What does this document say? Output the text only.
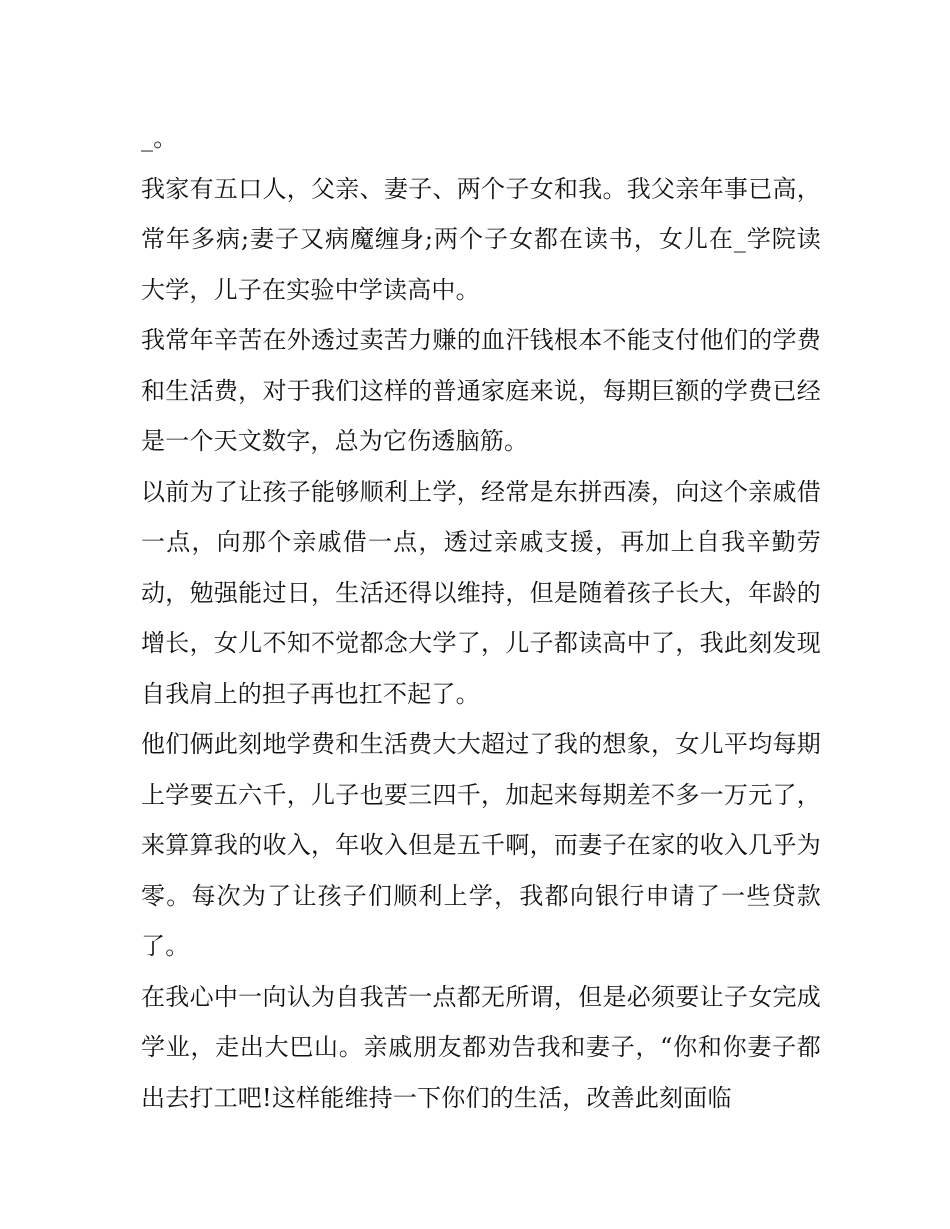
_。

我家有五口人，父亲、妻子、两个子女和我。我父亲年事已高，常年多病;妻子又病魔缠身;两个子女都在读书，女儿在_学院读大学，儿子在实验中学读高中。

我常年辛苦在外透过卖苦力赚的血汗钱根本不能支付他们的学费和生活费，对于我们这样的普通家庭来说，每期巨额的学费已经是一个天文数字，总为它伤透脑筋。

以前为了让孩子能够顺利上学，经常是东拼西凑，向这个亲戚借一点，向那个亲戚借一点，透过亲戚支援，再加上自我辛勤劳动，勉强能过日，生活还得以维持，但是随着孩子长大，年龄的增长，女儿不知不觉都念大学了，儿子都读高中了，我此刻发现自我肩上的担子再也扛不起了。

他们俩此刻地学费和生活费大大超过了我的想象，女儿平均每期上学要五六千，儿子也要三四千，加起来每期差不多一万元了，来算算我的收入，年收入但是五千啊，而妻子在家的收入几乎为零。每次为了让孩子们顺利上学，我都向银行申请了一些贷款了。

在我心中一向认为自我苦一点都无所谓，但是必须要让子女完成学业，走出大巴山。亲戚朋友都劝告我和妻子，“你和你妻子都出去打工吧!这样能维持一下你们的生活，改善此刻面临
